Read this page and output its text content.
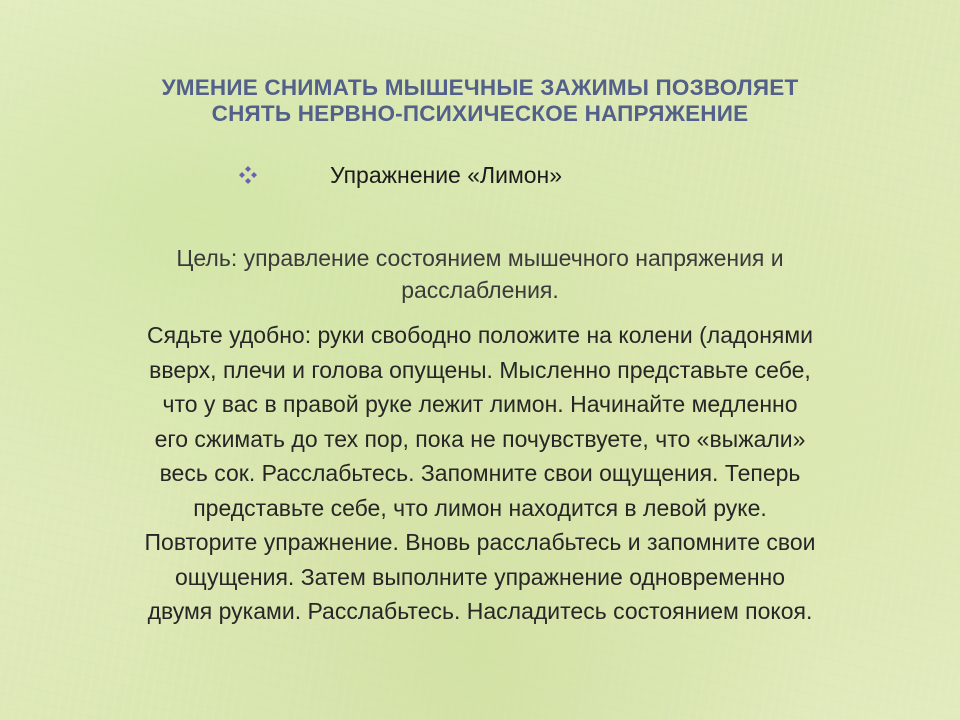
УМЕНИЕ СНИМАТЬ МЫШЕЧНЫЕ ЗАЖИМЫ ПОЗВОЛЯЕТ
СНЯТЬ НЕРВНО-ПСИХИЧЕСКОЕ НАПРЯЖЕНИЕ
Упражнение «Лимон»
Цель: управление состоянием мышечного напряжения и
расслабления.
Сядьте удобно: руки свободно положите на колени (ладонями
вверх, плечи и голова опущены. Мысленно представьте себе,
что у вас в правой руке лежит лимон. Начинайте медленно
его сжимать до тех пор, пока не почувствуете, что «выжали»
весь сок. Расслабьтесь. Запомните свои ощущения. Теперь
представьте себе, что лимон находится в левой руке.
Повторите упражнение. Вновь расслабьтесь и запомните свои
ощущения. Затем выполните упражнение одновременно
двумя руками. Расслабьтесь. Насладитесь состоянием покоя.
